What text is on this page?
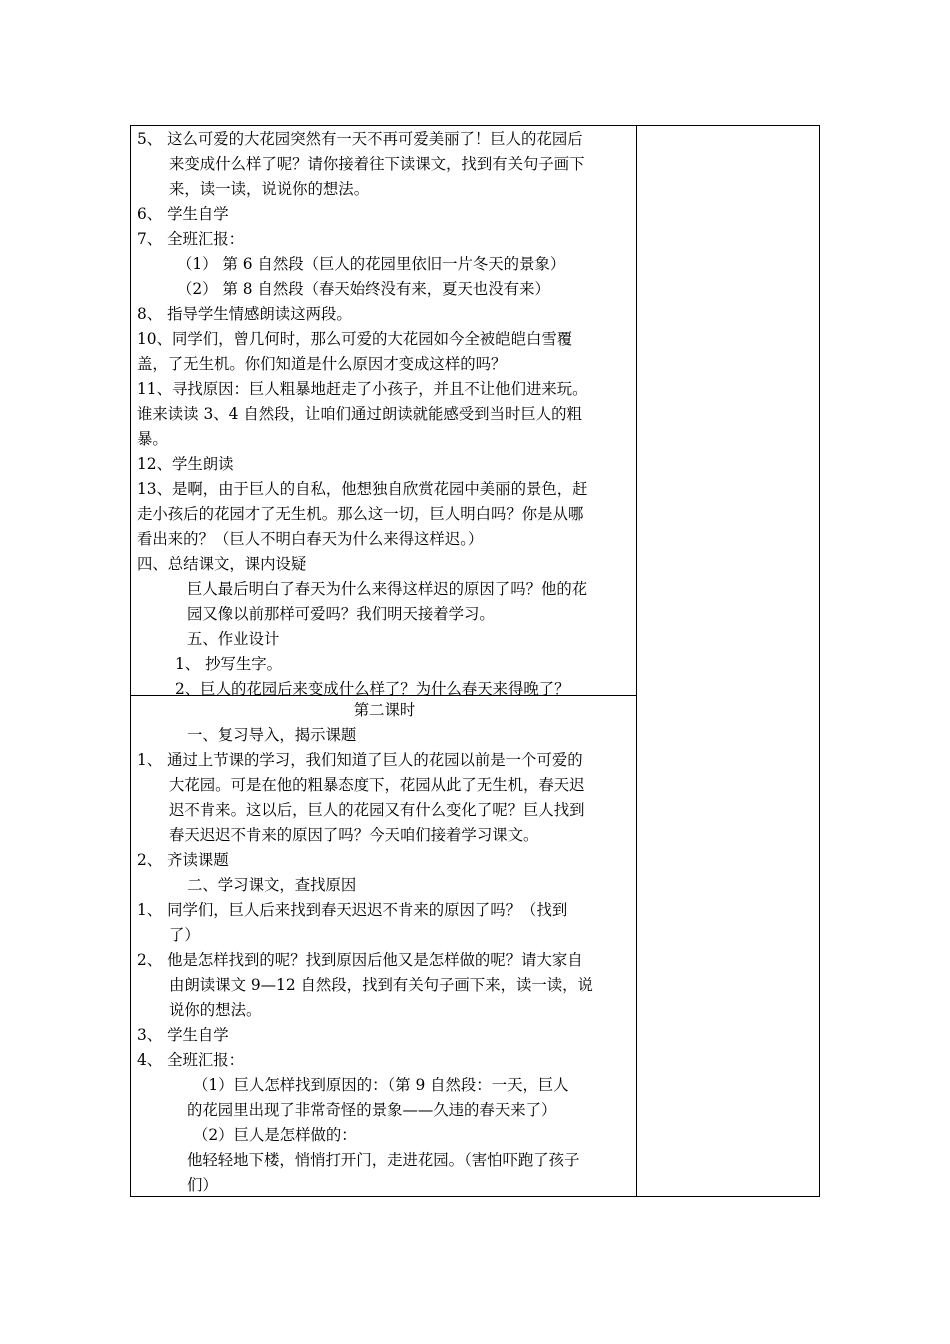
5、 这么可爱的大花园突然有一天不再可爱美丽了！巨人的花园后
来变成什么样了呢？请你接着往下读课文，找到有关句子画下
来，读一读，说说你的想法。
6、 学生自学
7、 全班汇报：
（1） 第 6 自然段（巨人的花园里依旧一片冬天的景象）
（2） 第 8 自然段（春天始终没有来，夏天也没有来）
8、 指导学生情感朗读这两段。
10、同学们，曾几何时，那么可爱的大花园如今全被皑皑白雪覆
盖，了无生机。你们知道是什么原因才变成这样的吗？
11、寻找原因：巨人粗暴地赶走了小孩子，并且不让他们进来玩。
谁来读读 3、4 自然段，让咱们通过朗读就能感受到当时巨人的粗
暴。
12、学生朗读
13、是啊，由于巨人的自私，他想独自欣赏花园中美丽的景色，赶
走小孩后的花园才了无生机。那么这一切，巨人明白吗？你是从哪
看出来的？（巨人不明白春天为什么来得这样迟。）
四、总结课文，课内设疑
巨人最后明白了春天为什么来得这样迟的原因了吗？他的花
园又像以前那样可爱吗？我们明天接着学习。
五、作业设计
1、 抄写生字。
2、巨人的花园后来变成什么样了？为什么春天来得晚了？
第二课时
一、复习导入，揭示课题
1、 通过上节课的学习，我们知道了巨人的花园以前是一个可爱的
大花园。可是在他的粗暴态度下，花园从此了无生机，春天迟
迟不肯来。这以后，巨人的花园又有什么变化了呢？巨人找到
春天迟迟不肯来的原因了吗？今天咱们接着学习课文。
2、 齐读课题
二、学习课文，查找原因
1、 同学们，巨人后来找到春天迟迟不肯来的原因了吗？（找到
了）
2、 他是怎样找到的呢？找到原因后他又是怎样做的呢？请大家自
由朗读课文 9—12 自然段，找到有关句子画下来，读一读，说
说你的想法。
3、 学生自学
4、 全班汇报：
（1）巨人怎样找到原因的：（第 9 自然段：一天，巨人
的花园里出现了非常奇怪的景象——久违的春天来了）
（2）巨人是怎样做的：
他轻轻地下楼，悄悄打开门，走进花园。（害怕吓跑了孩子
们）
